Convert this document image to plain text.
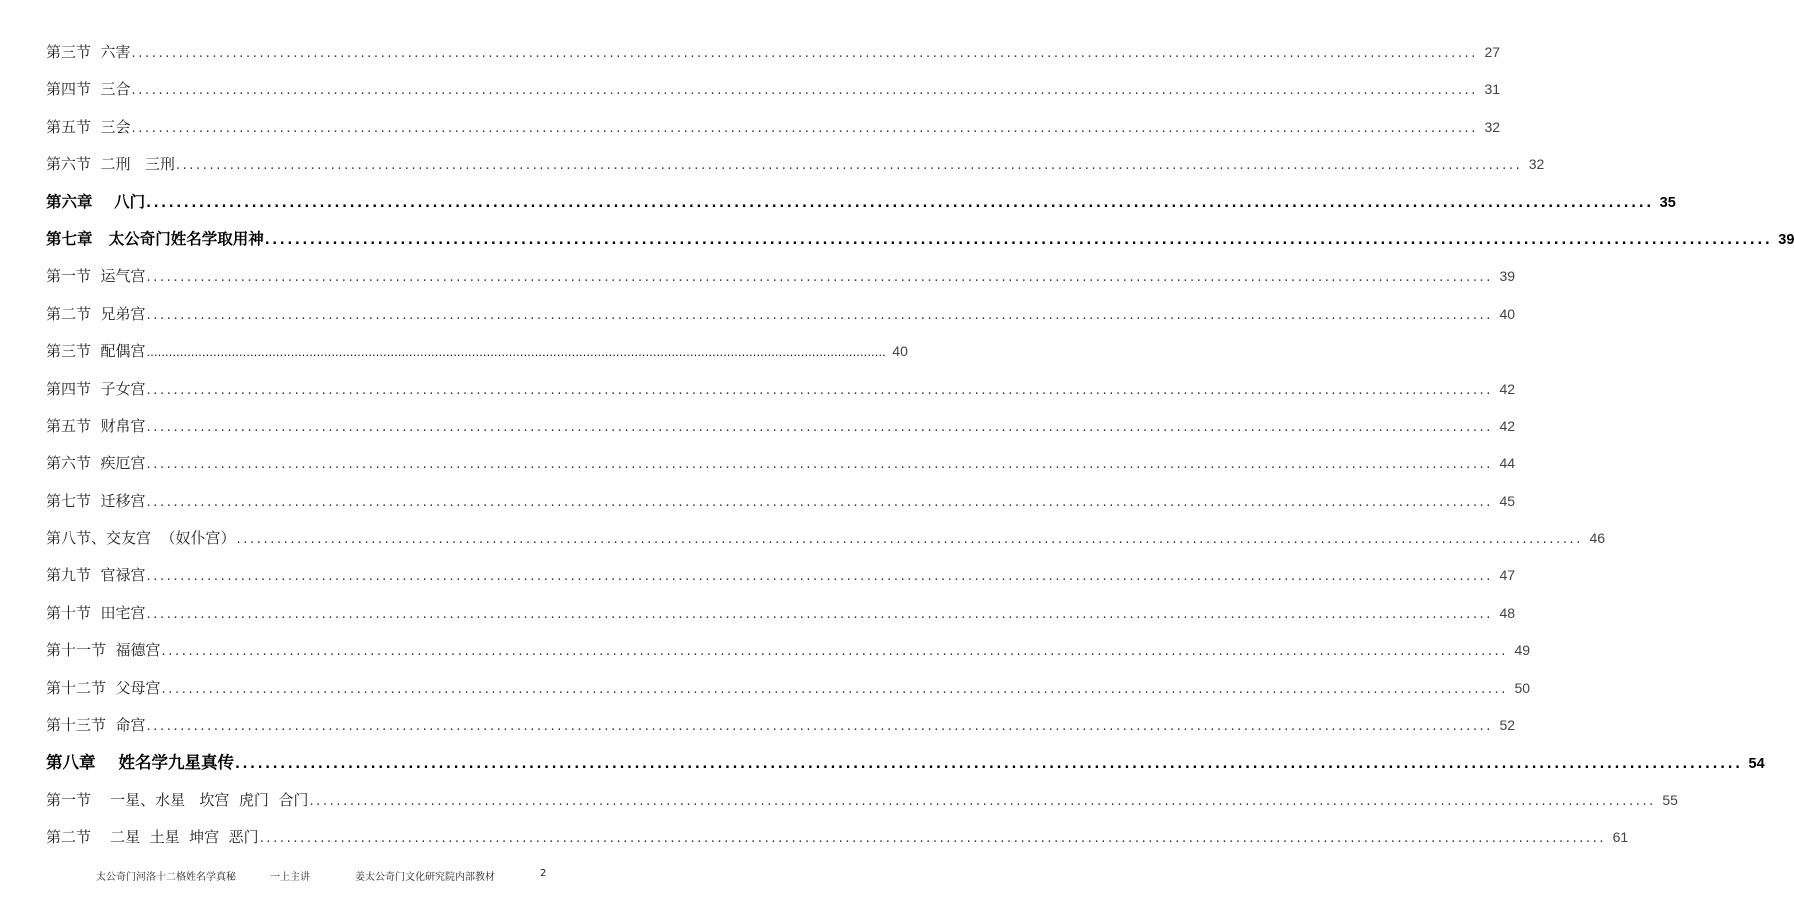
第三节  六害 ........................................................................................................................................................................................................ 27
第四节  三合 ........................................................................................................................................................................................................ 31
第五节  三会 ........................................................................................................................................................................................................ 32
第六节  二刑   三刑 ........................................................................................................................................................................................................ 32
第六章    八门 ........................................................................................................................................................................................................ 35
第七章   太公奇门姓名学取用神 ........................................................................................................................................................................................................ 39
第一节  运气宫 ........................................................................................................................................................................................................ 39
第二节  兄弟宫 ........................................................................................................................................................................................................ 40
第三节  配偶宫 ........................................................................................................................................................................................................ 40
第四节  子女宫 ........................................................................................................................................................................................................ 42
第五节  财帛官 ........................................................................................................................................................................................................ 42
第六节  疾厄宫 ........................................................................................................................................................................................................ 44
第七节  迁移宫 ........................................................................................................................................................................................................ 45
第八节、交友宫  （奴仆宫） ........................................................................................................................................................................................................ 46
第九节  官禄宫 ........................................................................................................................................................................................................ 47
第十节  田宅宫 ........................................................................................................................................................................................................ 48
第十一节  福德宫 ........................................................................................................................................................................................................ 49
第十二节  父母宫 ........................................................................................................................................................................................................ 50
第十三节  命宫 ........................................................................................................................................................................................................ 52
第八章    姓名学九星真传 ........................................................................................................................................................................................................ 54
第一节    一星、水星   坎宫  虎门  合门 ........................................................................................................................................................................................................ 55
第二节    二星  土星  坤宫  恶门 ........................................................................................................................................................................................................ 61
太公奇门河洛十二格姓名学真秘	一上主讲	姜太公奇门文化研究院内部教材	2
